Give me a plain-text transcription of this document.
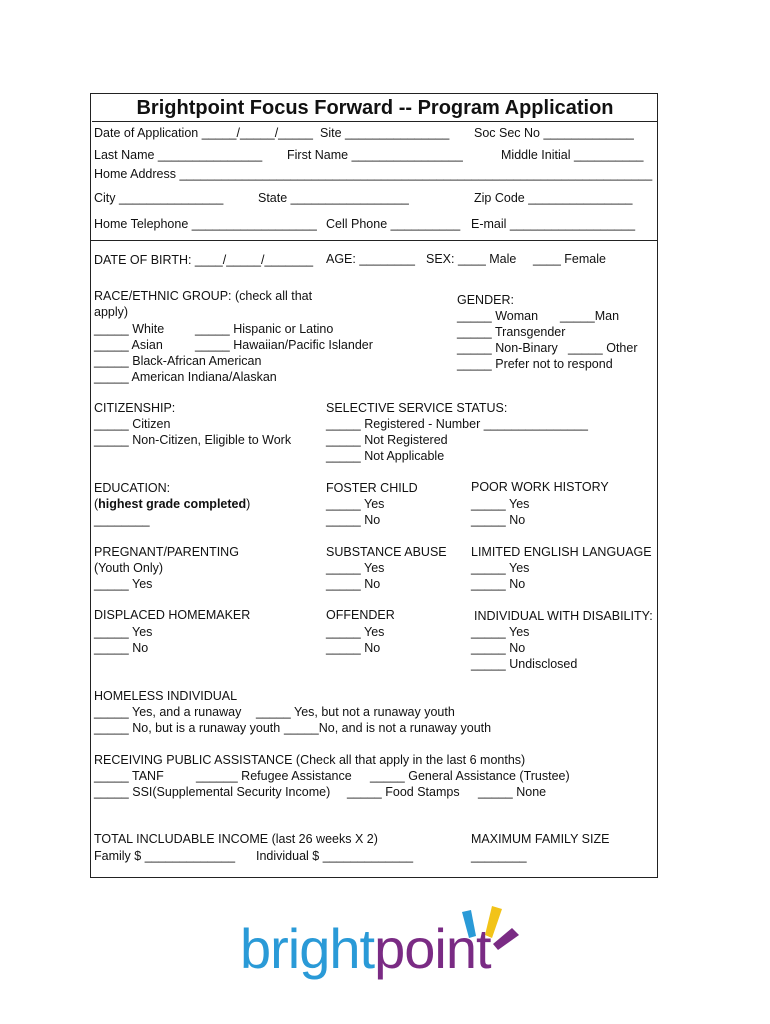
Brightpoint Focus Forward -- Program Application
Date of Application _____/_____/_____ Site _______________ Soc Sec No _____________
Last Name _______________ First Name ________________	Middle Initial __________
Home Address ____________________________________________________________________
City _______________	State _________________	Zip Code _______________
Home Telephone __________________ Cell Phone __________ E-mail __________________
DATE OF BIRTH: ____/_____/_______ AGE: ________ SEX: ____ Male ____ Female
RACE/ETHNIC GROUP: (check all that
apply)
_____ White _____ Hispanic or Latino
_____ Asian	_____ Hawaiian/Pacific Islander
_____ Black-African American
_____ American Indiana/Alaskan
GENDER:
_____ Woman _____Man
_____ Transgender
_____ Non-Binary _____ Other
_____ Prefer not to respond
CITIZENSHIP:
_____ Citizen
_____ Non-Citizen, Eligible to Work
SELECTIVE SERVICE STATUS:
_____ Registered - Number _______________
_____ Not Registered
_____ Not Applicable
EDUCATION:
(highest grade completed)
________
FOSTER CHILD
_____ Yes
_____ No
POOR WORK HISTORY
_____ Yes
_____ No
PREGNANT/PARENTING
(Youth Only)
_____ Yes
SUBSTANCE ABUSE
_____ Yes
_____ No
LIMITED ENGLISH LANGUAGE
_____ Yes
_____ No
DISPLACED HOMEMAKER
_____ Yes
_____ No
OFFENDER
_____ Yes
_____ No
INDIVIDUAL WITH DISABILITY:
_____ Yes
_____ No
_____ Undisclosed
HOMELESS INDIVIDUAL
_____ Yes, and a runaway _____ Yes, but not a runaway youth
_____ No, but is a runaway youth _____No, and is not a runaway youth
RECEIVING PUBLIC ASSISTANCE (Check all that apply in the last 6 months)
_____ TANF	______ Refugee Assistance _____ General Assistance (Trustee)
_____ SSI(Supplemental Security Income) _____ Food Stamps _____ None
TOTAL INCLUDABLE INCOME (last 26 weeks X 2)
Family $ _____________ Individual $ _____________
MAXIMUM FAMILY SIZE
________
brightpoint
